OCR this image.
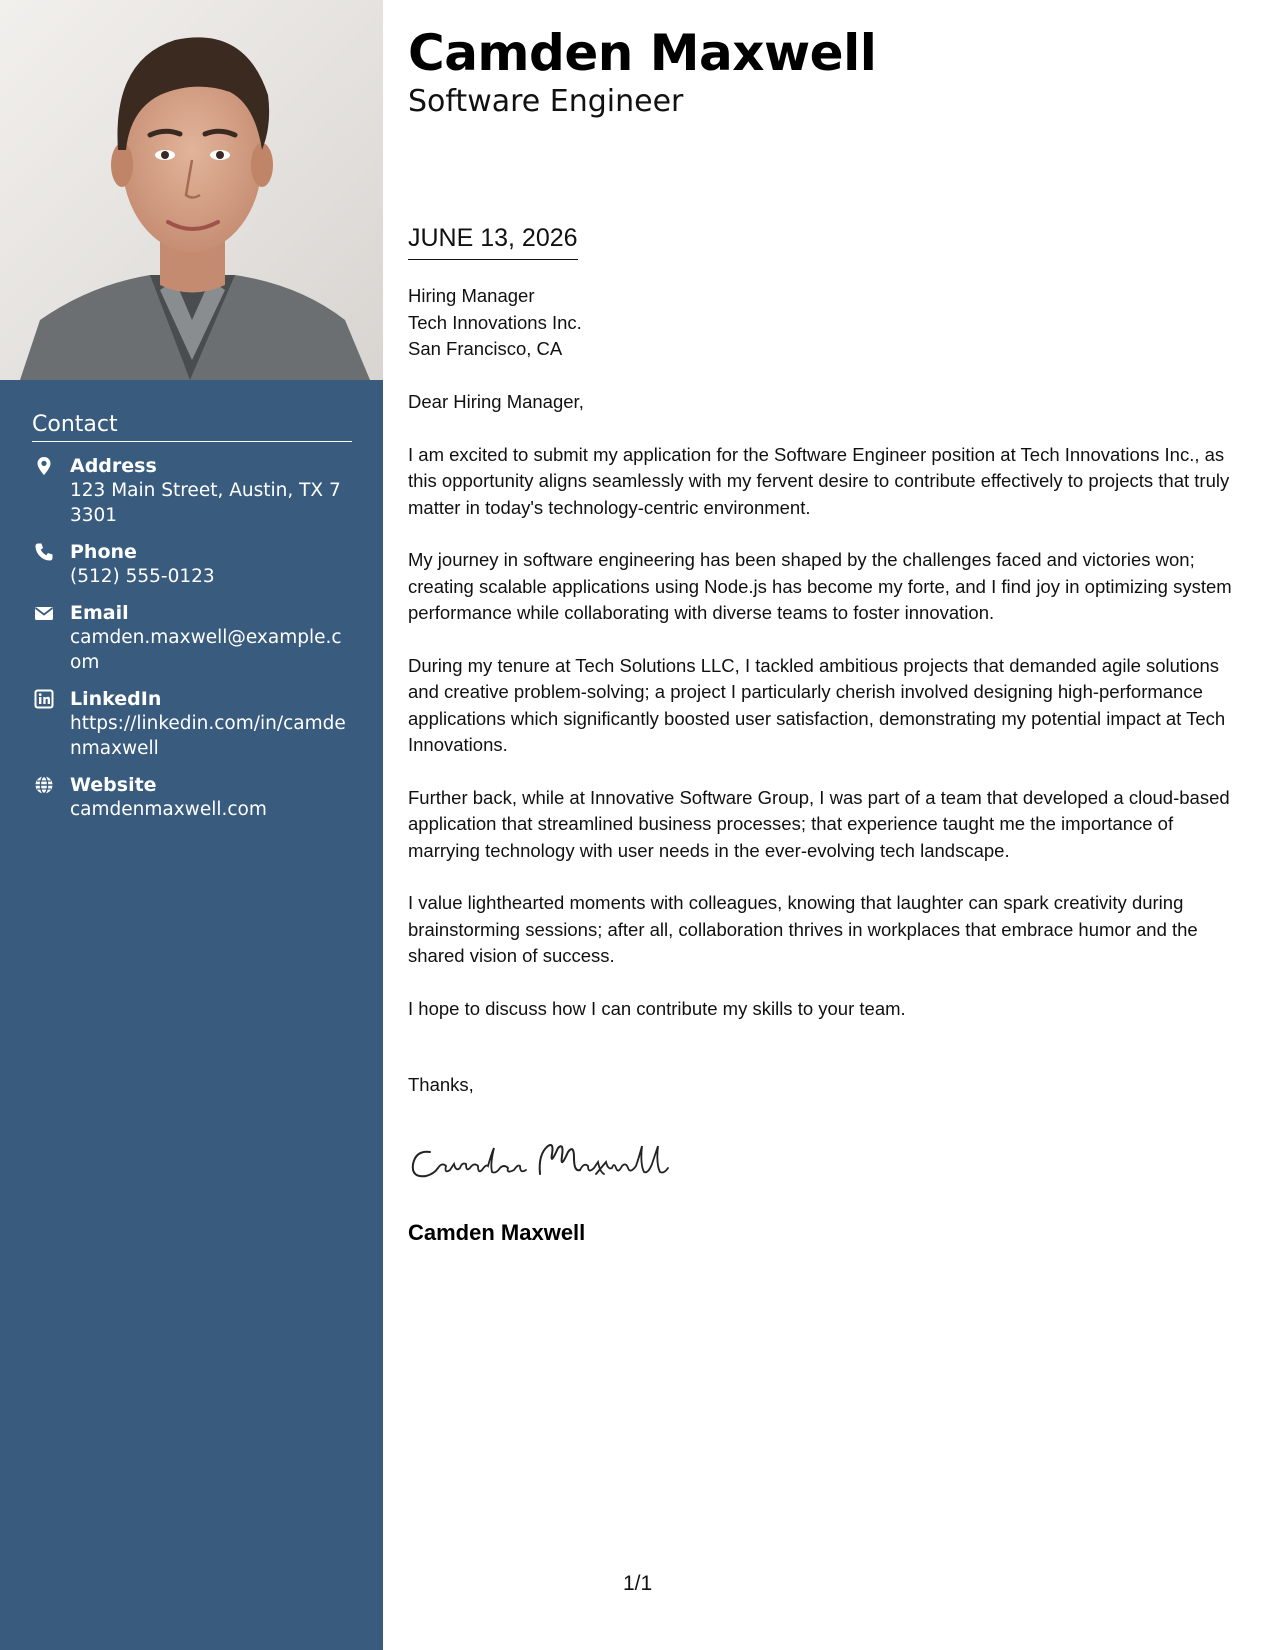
Contact
Address
123 Main Street, Austin, TX 73301
Phone
(512) 555-0123
Email
camden.maxwell@example.com
LinkedIn
https://linkedin.com/in/camdenmaxwell
Website
camdenmaxwell.com
Camden Maxwell
Software Engineer
JUNE 13, 2026
Hiring Manager
Tech Innovations Inc.
San Francisco, CA

Dear Hiring Manager,

I am excited to submit my application for the Software Engineer position at Tech Innovations Inc., as this opportunity aligns seamlessly with my fervent desire to contribute effectively to projects that truly matter in today's technology-centric environment.

My journey in software engineering has been shaped by the challenges faced and victories won; creating scalable applications using Node.js has become my forte, and I find joy in optimizing system performance while collaborating with diverse teams to foster innovation.

During my tenure at Tech Solutions LLC, I tackled ambitious projects that demanded agile solutions and creative problem-solving; a project I particularly cherish involved designing high-performance applications which significantly boosted user satisfaction, demonstrating my potential impact at Tech Innovations.

Further back, while at Innovative Software Group, I was part of a team that developed a cloud-based application that streamlined business processes; that experience taught me the importance of marrying technology with user needs in the ever-evolving tech landscape.

I value lighthearted moments with colleagues, knowing that laughter can spark creativity during brainstorming sessions; after all, collaboration thrives in workplaces that embrace humor and the shared vision of success.

I hope to discuss how I can contribute my skills to your team.

Thanks,
Camden Maxwell
1/1
